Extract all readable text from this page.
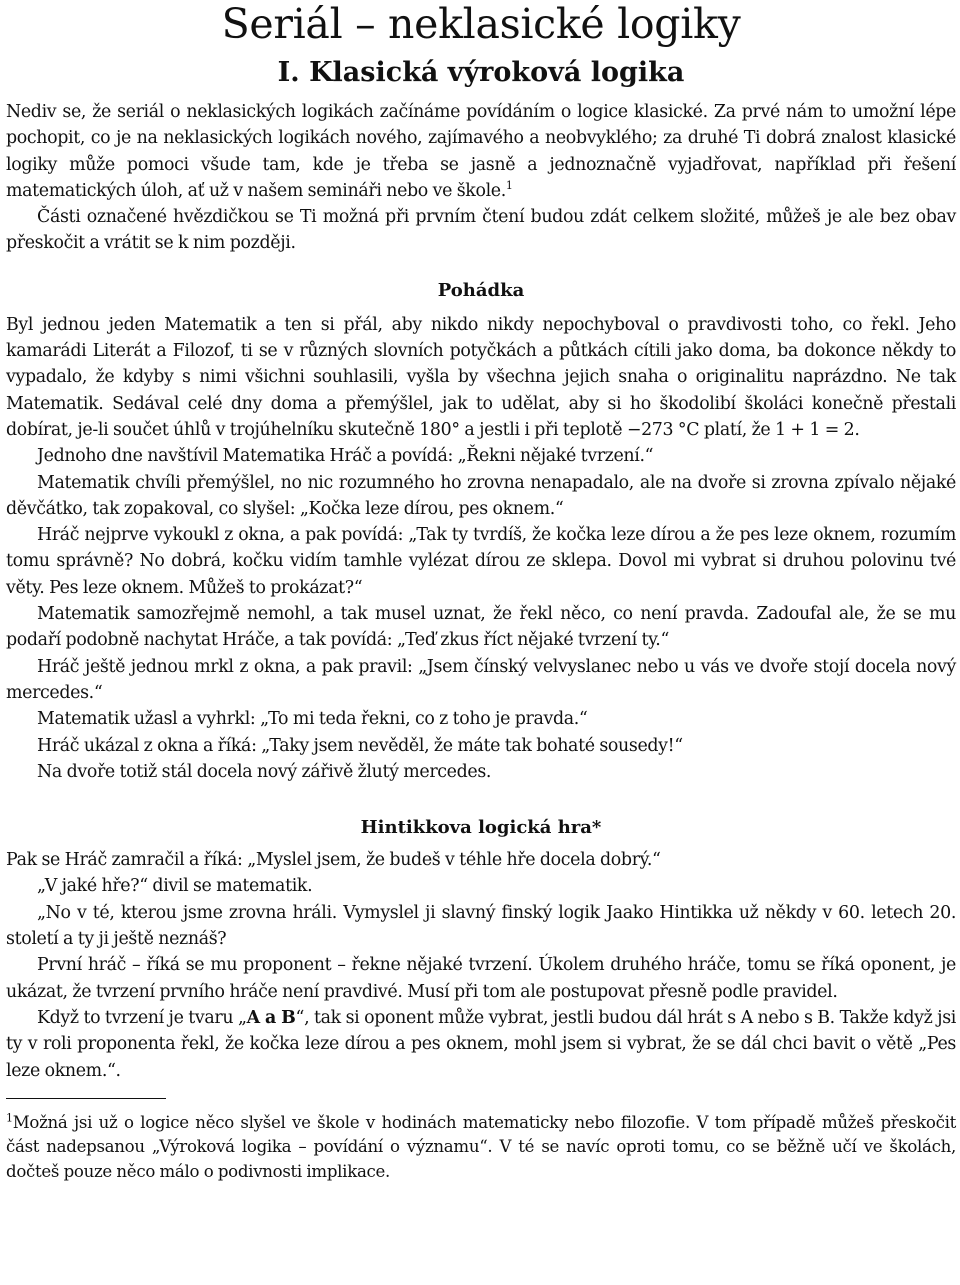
Seriál – neklasické logiky
I. Klasická výroková logika

Nediv se, že seriál o neklasických logikách začínáme povídáním o logice klasické. Za prvé nám to umožní lépe pochopit, co je na neklasických logikách nového, zajímavého a neobvyklého; za druhé Ti dobrá znalost klasické logiky může pomoci všude tam, kde je třeba se jasně a jednoznačně vyjadřovat, například při řešení matematických úloh, ať už v našem semináři nebo ve škole.$^1$

Části označené hvězdičkou se Ti možná při prvním čtení budou zdát celkem složité, můžeš je ale bez obav přeskočit a vrátit se k nim později.

Pohádka

Byl jednou jeden Matematik a ten si přál, aby nikdo nikdy nepochyboval o pravdivosti toho, co řekl. Jeho kamarádi Literát a Filozof, ti se v různých slovních potyčkách a půtkách cítili jako doma, ba dokonce někdy to vypadalo, že kdyby s nimi všichni souhlasili, vyšla by všechna jejich snaha o originalitu naprázdno. Ne tak Matematik. Sedával celé dny doma a přemýšlel, jak to udělat, aby si ho škodolibí školáci konečně přestali dobírat, je-li součet úhlů v trojúhelníku skutečně 180° a jestli i při teplotě −273 °C platí, že 1 + 1 = 2.

Jednoho dne navštívil Matematika Hráč a povídá: „Řekni nějaké tvrzení.“

Matematik chvíli přemýšlel, no nic rozumného ho zrovna nenapadalo, ale na dvoře si zrovna zpívalo nějaké děvčátko, tak zopakoval, co slyšel: „Kočka leze dírou, pes oknem.“

Hráč nejprve vykoukl z okna, a pak povídá: „Tak ty tvrdíš, že kočka leze dírou a že pes leze oknem, rozumím tomu správně? No dobrá, kočku vidím tamhle vylézat dírou ze sklepa. Dovol mi vybrat si druhou polovinu tvé věty. Pes leze oknem. Můžeš to prokázat?“

Matematik samozřejmě nemohl, a tak musel uznat, že řekl něco, co není pravda. Zadoufal ale, že se mu podaří podobně nachytat Hráče, a tak povídá: „Teď zkus říct nějaké tvrzení ty.“

Hráč ještě jednou mrkl z okna, a pak pravil: „Jsem čínský velvyslanec nebo u vás ve dvoře stojí docela nový mercedes.“

Matematik užasl a vyhrkl: „To mi teda řekni, co z toho je pravda.“

Hráč ukázal z okna a říká: „Taky jsem nevěděl, že máte tak bohaté sousedy!“

Na dvoře totiž stál docela nový zářivě žlutý mercedes.

Hintikkova logická hra*

Pak se Hráč zamračil a říká: „Myslel jsem, že budeš v téhle hře docela dobrý.“

„V jaké hře?“ divil se matematik.

„No v té, kterou jsme zrovna hráli. Vymyslel ji slavný finský logik Jaako Hintikka už někdy v 60. letech 20. století a ty ji ještě neznáš?

První hráč – říká se mu proponent – řekne nějaké tvrzení. Úkolem druhého hráče, tomu se říká oponent, je ukázat, že tvrzení prvního hráče není pravdivé. Musí při tom ale postupovat přesně podle pravidel.

Když to tvrzení je tvaru „A a B“, tak si oponent může vybrat, jestli budou dál hrát s A nebo s B. Takže když jsi ty v roli proponenta řekl, že kočka leze dírou a pes oknem, mohl jsem si vybrat, že se dál chci bavit o větě „Pes leze oknem.“.

$^1$Možná jsi už o logice něco slyšel ve škole v hodinách matematicky nebo filozofie. V tom případě můžeš přeskočit část nadepsanou „Výroková logika – povídání o významu“. V té se navíc oproti tomu, co se běžně učí ve školách, dočteš pouze něco málo o podivnosti implikace.
